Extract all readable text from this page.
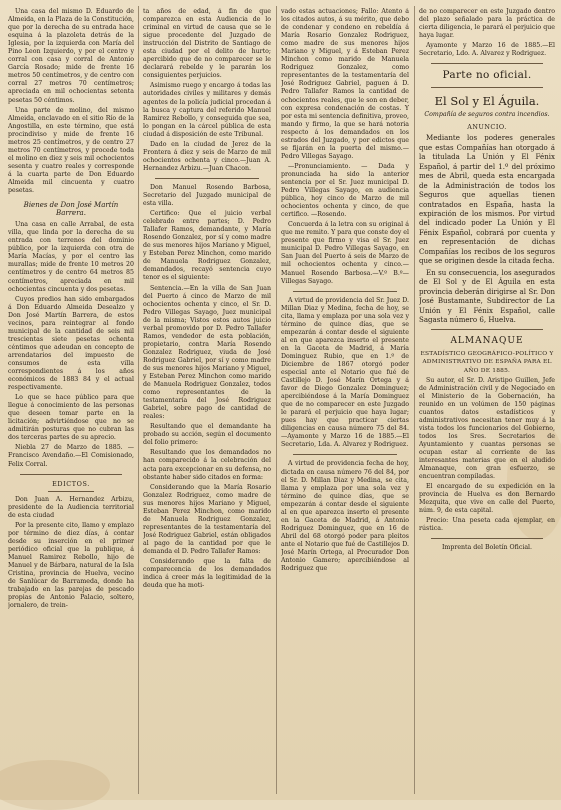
Una casa del mismo D. Eduardo de Almeida, en la Plaza de la Constitución, que por la derecha de su entrada hace esquina á la plazoleta detrás de la Iglesia, por la izquierda con María del Pino Leon Izquierdo, y por el centro y corral con casa y corral de Antonio García Rosado; mide de frente 16 metros 50 centímetros, y de centro con corral 27 metros 70 centímetros; apreciada en mil ochocientas setenta pesetas 50 céntimos.

Una parte de molino, del mismo Almeida, enclavado en el sitio Río de la Angostilla, en este término, que está procindiviso y mide de frente 16 metros 25 centímetros, y de centro 27 metros 70 centímetros, y procede toda el molino en diez y seis mil ochocientos sesenta y cuatro reales y corresponde á la cuarta parte de Don Eduardo Almeida mil cincuenta y cuatro pesetas.

Bienes de Don José Martín Barrera.

Una casa en calle Arrabal, de esta villa, que linda por la derecha de su entrada con terrenos del dominio público, por la izquierda con otra de María Macías, y por el centro las murallas; mide de frente 10 metros 20 centímetros y de centro 64 metros 85 centímetros, apreciada en mil ochocientas cincuenta y dos pesetas.

Cuyos predios han sido embargados á Don Eduardo Almeida Desealzo y Don José Martín Barrera, de estos vecinos, para reintegrar al fondo municipal de la cantidad de seis mil trescientas siete pesetas ochenta céntimos que adeudan en concepto de arrendatarios del impuesto de consumos de esta villa correspondientes á los años económicos de 1883 84 y el actual respectivamente.

Lo que se hace público para que llegue á conocimiento de las personas que deseen tomar parte en la licitación; advirtiéndose que no se admitirán posturas que no cubran las dos terceras partes de su aprecio.

Niebla 27 de Marzo de 1885. —Francisco Avendaño.—El Comisionado, Felix Corral.

EDICTOS.

Don Juan A. Hernandez Arbizu, presidente de la Audiencia territorial de esta ciudad

Por la presente cito, llamo y emplazo por término de diez días, á contar desde su inserción en el primer periódico oficial que la publique, á Manuel Ramirez Rebollo, hijo de Manuel y de Bárbara, natural de la Isla Cristina, provincia de Huelva, vecino de Sanlúcar de Barrameda, donde ha trabajado en las parejas de pescado propias de Antonio Palacio, soltero, jornalero, de trein-

ta años de edad, á fin de que comparezca en esta Audiencia de lo criminal en virtud de causa que se le sigue procedente del Juzgado de instrucción del Distrito de Santiago de esta ciudad por el delito de hurto; apercibido que de no comparecer se le declarará rebelde y le pararán los consiguientes perjuicios.

Asimismo ruego y encargo á todas las autoridades civiles y militares y demás agentes de la policía judicial procedan á la busca y captura del referido Manuel Ramirez Rebollo, y conseguida que sea, lo pongan en la cárcel pública de esta ciudad á disposición de este Tribunal.

Dado en la ciudad de Jerez de la Frontera á diez y seis de Marzo de mil ochocientos ochenta y cinco.—Juan A. Hernandez Arbizu.—Juan Chacon.

Don Manuel Rosendo Barbosa, Secretario del Juzgado municipal de esta villa.

Certifico: Que el juicio verbal celebrado entre partes; D. Pedro Tallafer Ramos, demandante, y María Rosendo Gonzalez, por sí y como madre de sus menores hijos Mariano y Miguel, y Esteban Perez Minchon, como marido de Manuela Rodriguez Gonzalez, demandados, recayó sentencia cuyo tenor es el siguiente:

Sentencia.—En la villa de San Juan del Puerto á cinco de Marzo de mil ochocientos ochenta y cinco, el Sr. D. Pedro Villegas Sayago, Juez municipal de la misma; Vistos estos autos juicio verbal promovido por D. Pedro Tallafer Ramos, vendedor de esta población, propietario, contra María Rosendo Gonzalez Rodriguez, viuda de José Rodriguez Gabriel, por sí y como madre de sus menores hijos Mariano y Miguel, y Esteban Perez Minchon como marido de Manuela Rodriguez Gonzalez, todos como representantes de la testamentaría del José Rodriguez Gabriel, sobre pago de cantidad de reales:

Resultando que el demandante ha probado su acción, según el documento del folio primero:

Resultando que los demandados no han comparecido á la celebración del acta para excepcionar en su defensa, no obstante haber sido citados en forma:

Considerando que la María Rosario Gonzalez Rodriguez, como madre de sus menores hijos Mariano y Miguel, Esteban Perez Minchon, como marido de Manuela Rodriguez Gonzalez, representantes de la testamentaría del José Rodriguez Gabriel, están obligados al pago de la cantidad por que le demanda el D. Pedro Tallafer Ramos:

Considerando que la falta de comparecencia de los demandados indica á creer más la legitimidad de la deuda que ha moti-

vado estas actuaciones; Fallo: Atento á los citados autos, á su mérito, que debo de condenar y condeno en rebeldía á María Rosario Gonzalez Rodriguez, como madre de sus menores hijos Mariano y Miguel, y á Esteban Perez Minchon como marido de Manuela Rodriguez Gonzalez, como representantes de la testamentaría del José Rodriguez Gabriel, paguen á D. Pedro Tallafer Ramos la cantidad de ochocientos reales, que le son en deber, con expresa condenación de costas. Y por esta mi sentencia definitiva, proveo, mando y firmo, la que se hará notoria respecto á los demandados en los estrados del Juzgado, y por edictos que se fijarán en la puerta del mismo.—Pedro Villegas Sayago.

—Pronunciamiento. — Dada y pronunciada ha sido la anterior sentencia por el Sr. Juez municipal D. Pedro Villegas Sayago, en audiencia pública, hoy cinco de Marzo de mil ochocientos ochenta y cinco, de que certifico. —Rosendo.

Concuerda á la letra con su original á que me remito. Y para que conste doy el presente que firmo y visa el Sr. Juez municipal D. Pedro Villegas Sayago, en San Juan del Puerto á seis de Marzo de mil ochocientos ochenta y cinco.—Manuel Rosendo Barbosa.—V.º B.º—Villegas Sayago.

A virtud de providencia del Sr. Juez D. Millan Diaz y Medina, fecha de hoy, se cita, llama y emplaza por una sola vez y término de quince días, que se empezarán á contar desde el siguiente al en que aparezca inserto el presente en la Gaceta de Madrid, á María Dominguez Rubio, que en 1.º de Diciembre de 1867 otorgó poder especial ante el Notario que fué de Castillejo D. José Marín Ortega y á favor de Diego Gonzalez Dominguez; apercibiéndose á la María Dominguez que de no comparecer en este Juzgado le parará el perjuicio que haya lugar; pues hay que practicar ciertas diligencias en causa número 75 del 84.—Ayamonte y Marzo 16 de 1885.—El Secretario, Lda. A. Alvarez y Rodriguez.

A virtud de providencia fecha de hoy, dictada en causa número 76 del 84, por el Sr. D. Millan Diaz y Medina, se cita, llama y emplaza por una sola vez y término de quince días, que se empezarán á contar desde el siguiente al en que aparezca inserto el presente en la Gaceta de Madrid, á Antonio Rodriguez Dominguez, que en 16 de Abril del 68 otorgó poder para pleitos ante el Notario que fué de Castillejos D. José Marín Ortega, al Procurador Don Antonio Gamero; apercibiéndose al Rodriguez que

de no comparecer en este Juzgado dentro del plazo señalado para la práctica de cierta diligencia, le parará el perjuicio que haya lugar.

Ayamonte y Marzo 16 de 1885.—El Secretario, Ldo. A. Alvarez y Rodriguez.

Parte no oficial.

El Sol y El Águila.

Compañía de seguros contra incendios.

ANUNCIO.

Mediante los poderes generales que estas Compañías han otorgado á la titulada La Unión y El Fénix Español, á partir del 1.º del próximo mes de Abril, queda esta encargada de la Administración de todos los Seguros que aquellas tienen contratados en España, hasta la expiración de los mismos. Por virtud del indicado poder La Unión y El Fénix Español, cobrará por cuenta y en representación de dichas Compañías los recibos de los seguros que se originen desde la citada fecha.

En su consecuencia, los asegurados de El Sol y de El Águila en esta provincia deberán dirigirse al Sr. Don José Bustamante, Subdirector de La Unión y El Fénix Español, calle Sagasta número 6, Huelva.

ALMANAQUE

ESTADÍSTICO GEOGRÁFICO-POLÍTICO Y ADMINISTRATIVO DE ESPAÑA PARA EL AÑO DE 1885.

Su autor, el Sr. D. Aristipo Guillen, Jefe de Administración civil y de Negociado en el Ministerio de la Gobernación, ha reunido en un volúmen de 150 páginas cuantos datos estadísticos y administrativos necesitan tener muy á la vista todos los funcionarios del Gobierno, todos los Sres. Secretarios de Ayuntamiento y cuantas personas se ocupan estar al corriente de las interesantes materias que en el aludido Almanaque, con gran esfuerzo, se encuentran compiladas.

El encargado de su expedición en la provincia de Huelva es don Bernardo Mezquita, que vive en calle del Puerto, núm. 9, de esta capital.

Precio: Una peseta cada ejemplar, en rústica.

Imprenta del Boletín Oficial.
